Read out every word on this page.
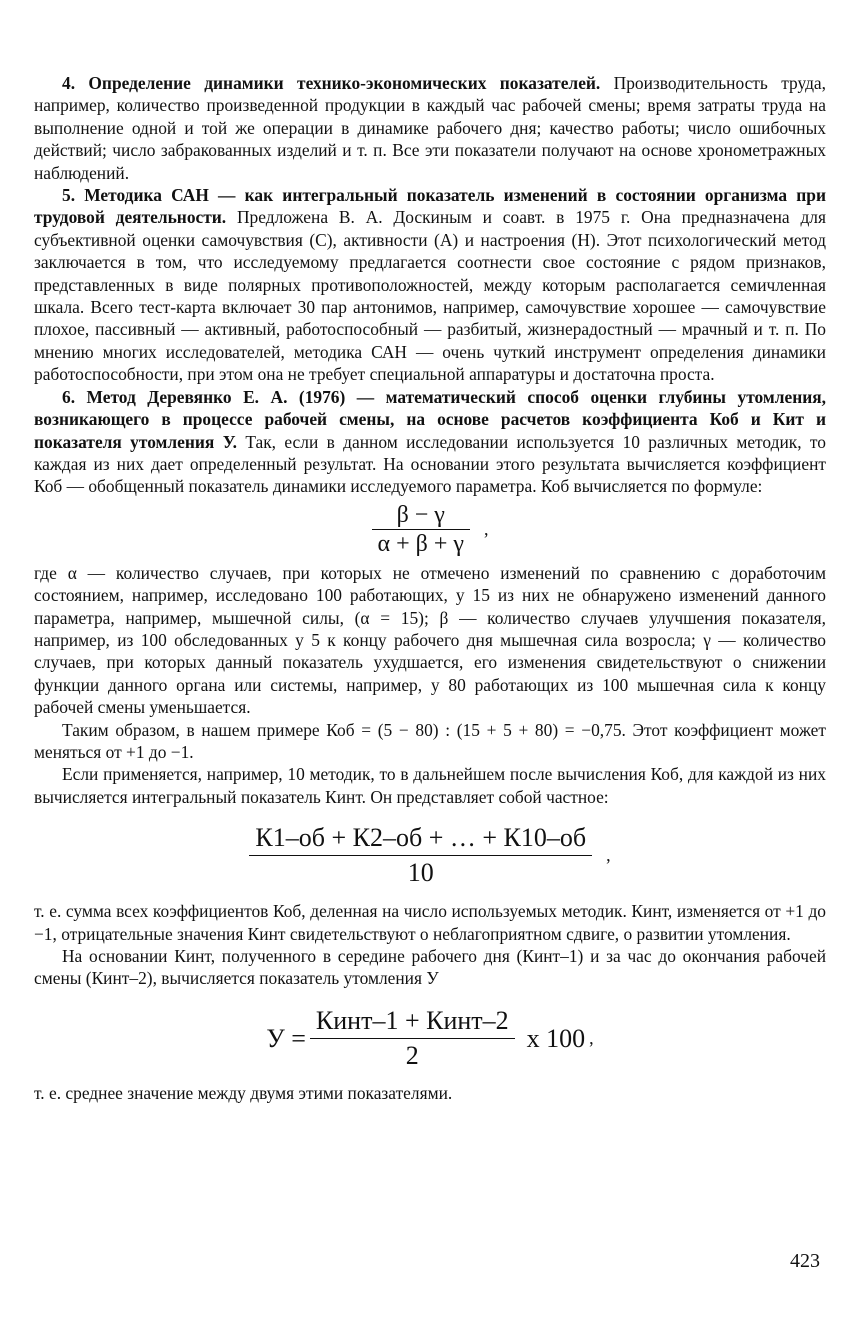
4. Определение динамики технико-экономических показателей. Производительность труда, например, количество произведенной продукции в каждый час рабочей смены; время затраты труда на выполнение одной и той же операции в динамике рабочего дня; качество работы; число ошибочных действий; число забракованных изделий и т. п. Все эти показатели получают на основе хронометражных наблюдений.

5. Методика САН — как интегральный показатель изменений в состоянии организма при трудовой деятельности. Предложена В. А. Доскиным и соавт. в 1975 г. Она предназначена для субъективной оценки самочувствия (С), активности (А) и настроения (Н). Этот психологический метод заключается в том, что исследуемому предлагается соотнести свое состояние с рядом признаков, представленных в виде полярных противоположностей, между которым располагается семичленная шкала. Всего тест-карта включает 30 пар антонимов, например, самочувствие хорошее — самочувствие плохое, пассивный — активный, работоспособный — разбитый, жизнерадостный — мрачный и т. п. По мнению многих исследователей, методика САН — очень чуткий инструмент определения динамики работоспособности, при этом она не требует специальной аппаратуры и достаточна проста.

6. Метод Деревянко Е. А. (1976) — математический способ оценки глубины утомления, возникающего в процессе рабочей смены, на основе расчетов коэффициента Коб и Кит и показателя утомления У. Так, если в данном исследовании используется 10 различных методик, то каждая из них дает определенный результат. На основании этого результата вычисляется коэффициент Коб — обобщенный показатель динамики исследуемого параметра. Коб вычисляется по формуле:

$\frac{\beta - \gamma}{\alpha + \beta + \gamma}$ ,

где α — количество случаев, при которых не отмечено изменений по сравнению с доработочим состоянием, например, исследовано 100 работающих, у 15 из них не обнаружено изменений данного параметра, например, мышечной силы, (α = 15); β — количество случаев улучшения показателя, например, из 100 обследованных у 5 к концу рабочего дня мышечная сила возросла; γ — количество случаев, при которых данный показатель ухудшается, его изменения свидетельствуют о снижении функции данного органа или системы, например, у 80 работающих из 100 мышечная сила к концу рабочей смены уменьшается.

Таким образом, в нашем примере Коб = (5 − 80) : (15 + 5 + 80) = −0,75. Этот коэффициент может меняться от +1 до −1.

Если применяется, например, 10 методик, то в дальнейшем после вычисления Коб, для каждой из них вычисляется интегральный показатель Кинт. Он представляет собой частное:

$\frac{К1-об + К2-об + \dots + К10-об}{10}$ ,

т. е. сумма всех коэффициентов Коб, деленная на число используемых методик. Кинт, изменяется от +1 до −1, отрицательные значения Кинт свидетельствуют о неблагоприятном сдвиге, о развитии утомления.

На основании Кинт, полученного в середине рабочего дня (Кинт–1) и за час до окончания рабочей смены (Кинт–2), вычисляется показатель утомления У

$У = \frac{\text{Кинт–1 + Кинт–2}}{2}$ x 100 ,

т. е. среднее значение между двумя этими показателями.

423
